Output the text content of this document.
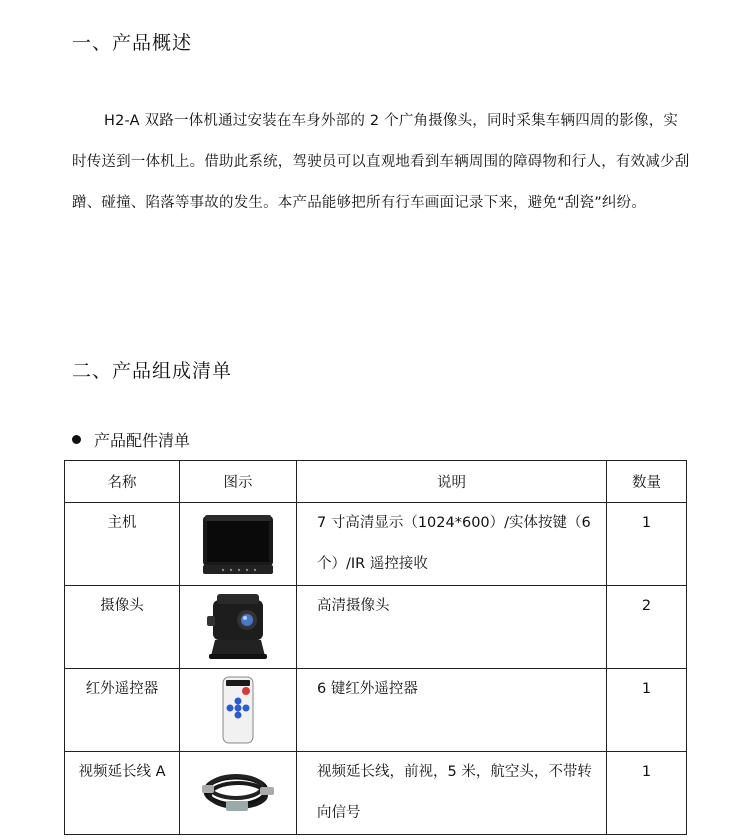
一、产品概述
H2-A 双路一体机通过安装在车身外部的 2 个广角摄像头，同时采集车辆四周的影像，实时传送到一体机上。借助此系统，驾驶员可以直观地看到车辆周围的障碍物和行人，有效减少刮蹭、碰撞、陷落等事故的发生。本产品能够把所有行车画面记录下来，避免“刮瓷”纠纷。
二、产品组成清单
产品配件清单
名称	图示	说明	数量
主机		7 寸高清显示（1024*600）/实体按键（6个）/IR 遥控接收	1
摄像头		高清摄像头	2
红外遥控器		6 键红外遥控器	1
视频延长线 A		视频延长线，前视，5 米，航空头，不带转向信号	1
